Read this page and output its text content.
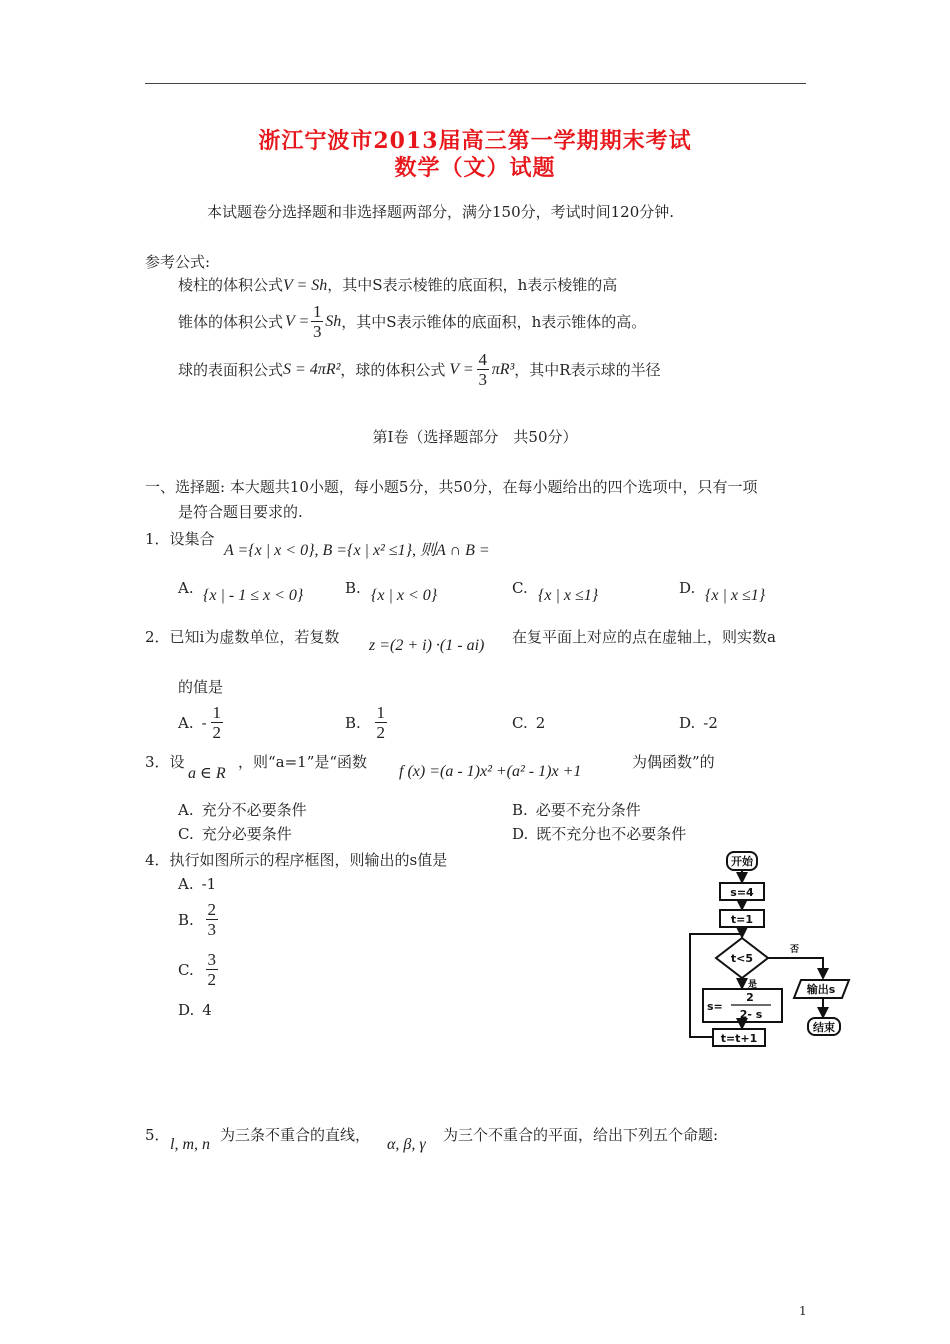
浙江宁波市2013届高三第一学期期末考试
数学（文）试题
本试题卷分选择题和非选择题两部分，满分150分，考试时间120分钟.
参考公式:
棱柱的体积公式V = Sh，其中S表示棱锥的底面积，h表示棱锥的高
锥体的体积公式 $V = \frac{1}{3}$ Sh ，其中S表示锥体的底面积，h表示锥体的高。
球的表面积公式 S = 4πR² ，球的体积公式 $V = \frac{4}{3} \pi R^3$ ，其中R表示球的半径
第Ⅰ卷（选择题部分　共50分）
一、选择题: 本大题共10小题，每小题5分，共50分，在每小题给出的四个选项中，只有一项
是符合题目要求的.
1．设集合
A ={x | x < 0}, B ={x | x² ≤1}, 则A ∩ B =
A. {x | - 1 ≤ x < 0}	B. {x | x < 0}	C. {x | x ≤1}	D. {x | x ≤1}
2．已知i为虚数单位，若复数 z =(2 + i) ·(1 - ai) 在复平面上对应的点在虚轴上，则实数a
的值是
A. - $\frac{1}{2}$	B. $\frac{1}{2}$	C. 2	D. -2
3．设
a ∈ R
，则“a=1”是“函数
f (x) =(a - 1)x² +(a² - 1)x +1
为偶函数”的
A. 充分不必要条件	B. 必要不充分条件
C. 充分必要条件	D. 既不充分也不必要条件
4．执行如图所示的程序框图，则输出的s值是
A. -1
B. $\frac{2}{3}$
C. $\frac{3}{2}$
D. 4
开始
s=4
t=1
t<5
是
否
s=
2
2- s
t=t+1
输出s
结束
5．
l, m, n
为三条不重合的直线，
α, β, γ
为三个不重合的平面，给出下列五个命题:
1
